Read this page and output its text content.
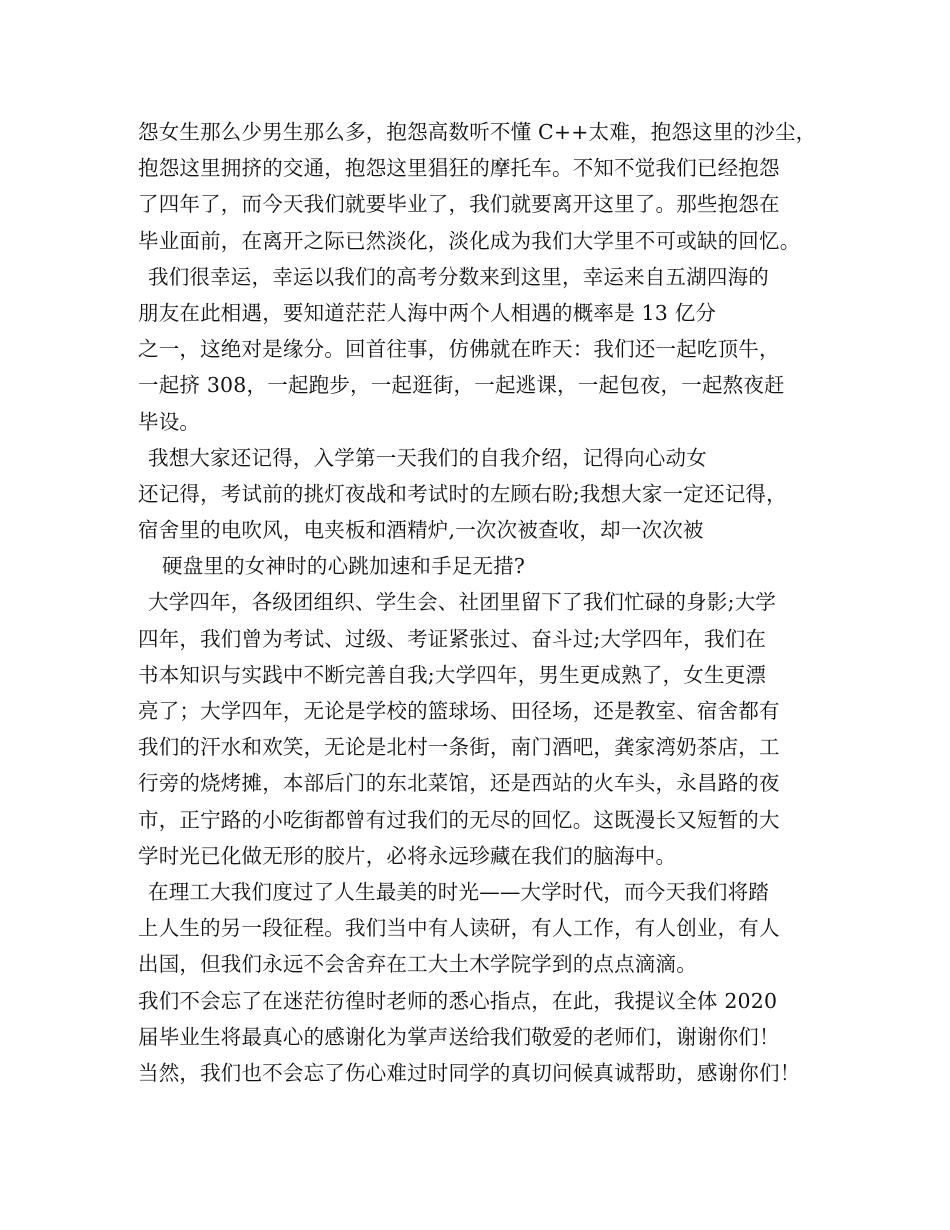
怨女生那么少男生那么多，抱怨高数听不懂 C++太难，抱怨这里的沙尘，
抱怨这里拥挤的交通，抱怨这里猖狂的摩托车。不知不觉我们已经抱怨
了四年了，而今天我们就要毕业了，我们就要离开这里了。那些抱怨在
毕业面前，在离开之际已然淡化，淡化成为我们大学里不可或缺的回忆。
我们很幸运，幸运以我们的高考分数来到这里，幸运来自五湖四海的
朋友在此相遇，要知道茫茫人海中两个人相遇的概率是 13 亿分
之一，这绝对是缘分。回首往事，仿佛就在昨天：我们还一起吃顶牛，
一起挤 308，一起跑步，一起逛街，一起逃课，一起包夜，一起熬夜赶
毕设。
我想大家还记得，入学第一天我们的自我介绍，记得向心动女
还记得，考试前的挑灯夜战和考试时的左顾右盼;我想大家一定还记得，
宿舍里的电吹风，电夹板和酒精炉,一次次被查收，却一次次被
硬盘里的女神时的心跳加速和手足无措?
大学四年，各级团组织、学生会、社团里留下了我们忙碌的身影;大学
四年，我们曾为考试、过级、考证紧张过、奋斗过;大学四年，我们在
书本知识与实践中不断完善自我;大学四年，男生更成熟了，女生更漂
亮了；大学四年，无论是学校的篮球场、田径场，还是教室、宿舍都有
我们的汗水和欢笑，无论是北村一条街，南门酒吧，龚家湾奶茶店，工
行旁的烧烤摊，本部后门的东北菜馆，还是西站的火车头，永昌路的夜
市，正宁路的小吃街都曾有过我们的无尽的回忆。这既漫长又短暂的大
学时光已化做无形的胶片，必将永远珍藏在我们的脑海中。
在理工大我们度过了人生最美的时光——大学时代，而今天我们将踏
上人生的另一段征程。我们当中有人读研，有人工作，有人创业，有人
出国，但我们永远不会舍弃在工大土木学院学到的点点滴滴。
我们不会忘了在迷茫彷徨时老师的悉心指点，在此，我提议全体 2020
届毕业生将最真心的感谢化为掌声送给我们敬爱的老师们，谢谢你们！
当然，我们也不会忘了伤心难过时同学的真切问候真诚帮助，感谢你们！
